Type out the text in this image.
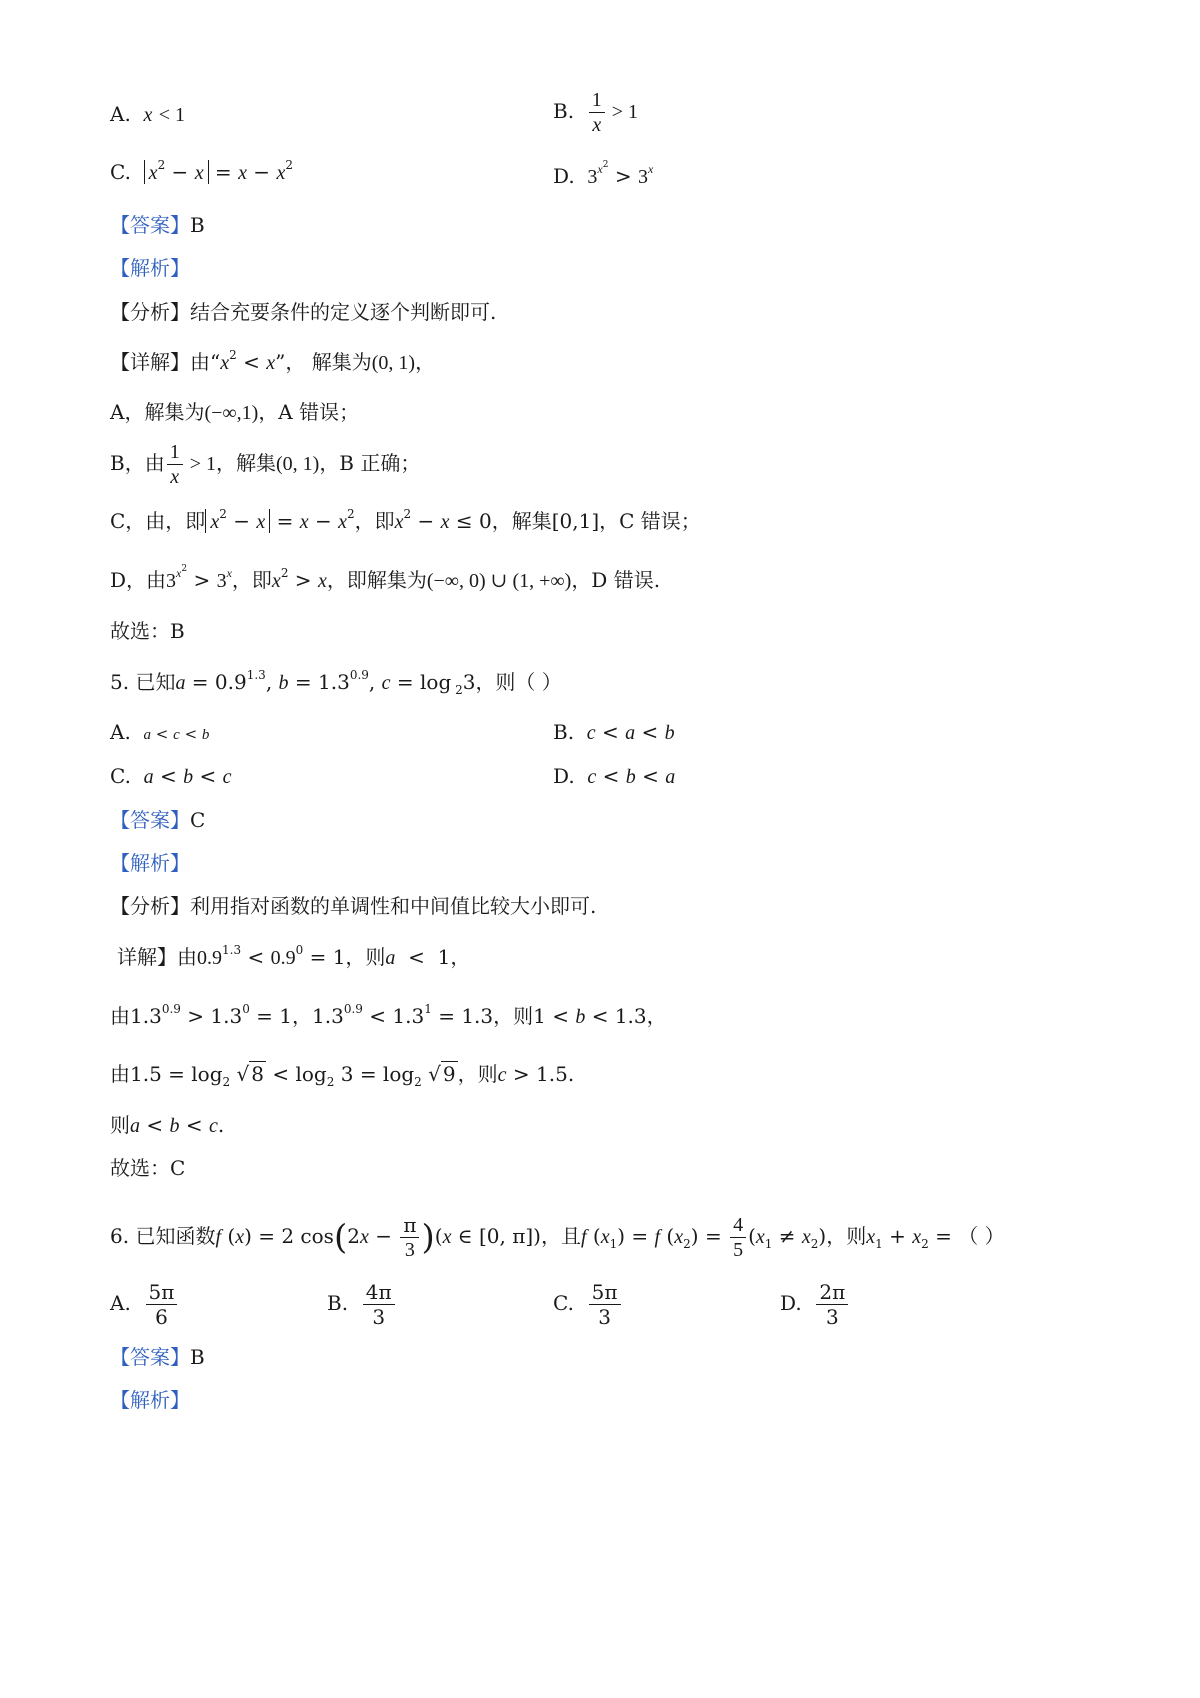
A. x < 1	B. $\frac{1}{x} > 1$
C. $x^2 - x = x - x^2$	D. $3^{x^2} > 3^x$
【答案】B
【解析】
【分析】结合充要条件的定义逐个判断即可.
【详解】由“$x^2 < x$”， 解集为(0, 1)，
A，解集为(−∞,1)，A 错误；
B，由 $\frac{1}{x} > 1$，解集(0, 1)，B 正确；
C，由，即 $x^2 - x = x - x^2$，即$x^2 - x \le 0$，解集[0,1]，C 错误；
D，由$3^{x^2} > 3^x$，即$x^2 > x$，即解集为(−∞, 0) ∪ (1, +∞)，D 错误.
故选：B
5. 已知$a = 0.9^{1.3}$, $b = 1.3^{0.9}$, c = log $_2$3，则（ ）
A. a < c < b	B. c < a < b
C. a < b < c	D. c < b < a
【答案】C
【解析】
【分析】利用指对函数的单调性和中间值比较大小即可.
详解】由$0.9^{1.3} < 0.9^0 = 1$，则a  <  1，
由$1.3^{0.9} > 1.3^0 = 1$，$1.3^{0.9} < 1.3^1 = 1.3$，则1 < b < 1.3，
由$1.5 = \log_2$ √ $8 < \log_2 3 = \log_2$ √ 9 ，则c > 1.5.
则a < b < c.
故选：C
6. 已知函数f (x) = 2 $\cos(2x - \frac{\pi}{3} )(x$ ∈ [0, π])，且f $(x_1) = f$ $(x_2) = \frac{4}{5} (x_1 \ne x_2)$，则$x_1 + x_2$ = （ ）
A. $\frac{5\pi}{6}$	B. $\frac{4\pi}{3}$	C. $\frac{5\pi}{3}$	D. $\frac{2\pi}{3}$
【答案】B
【解析】
